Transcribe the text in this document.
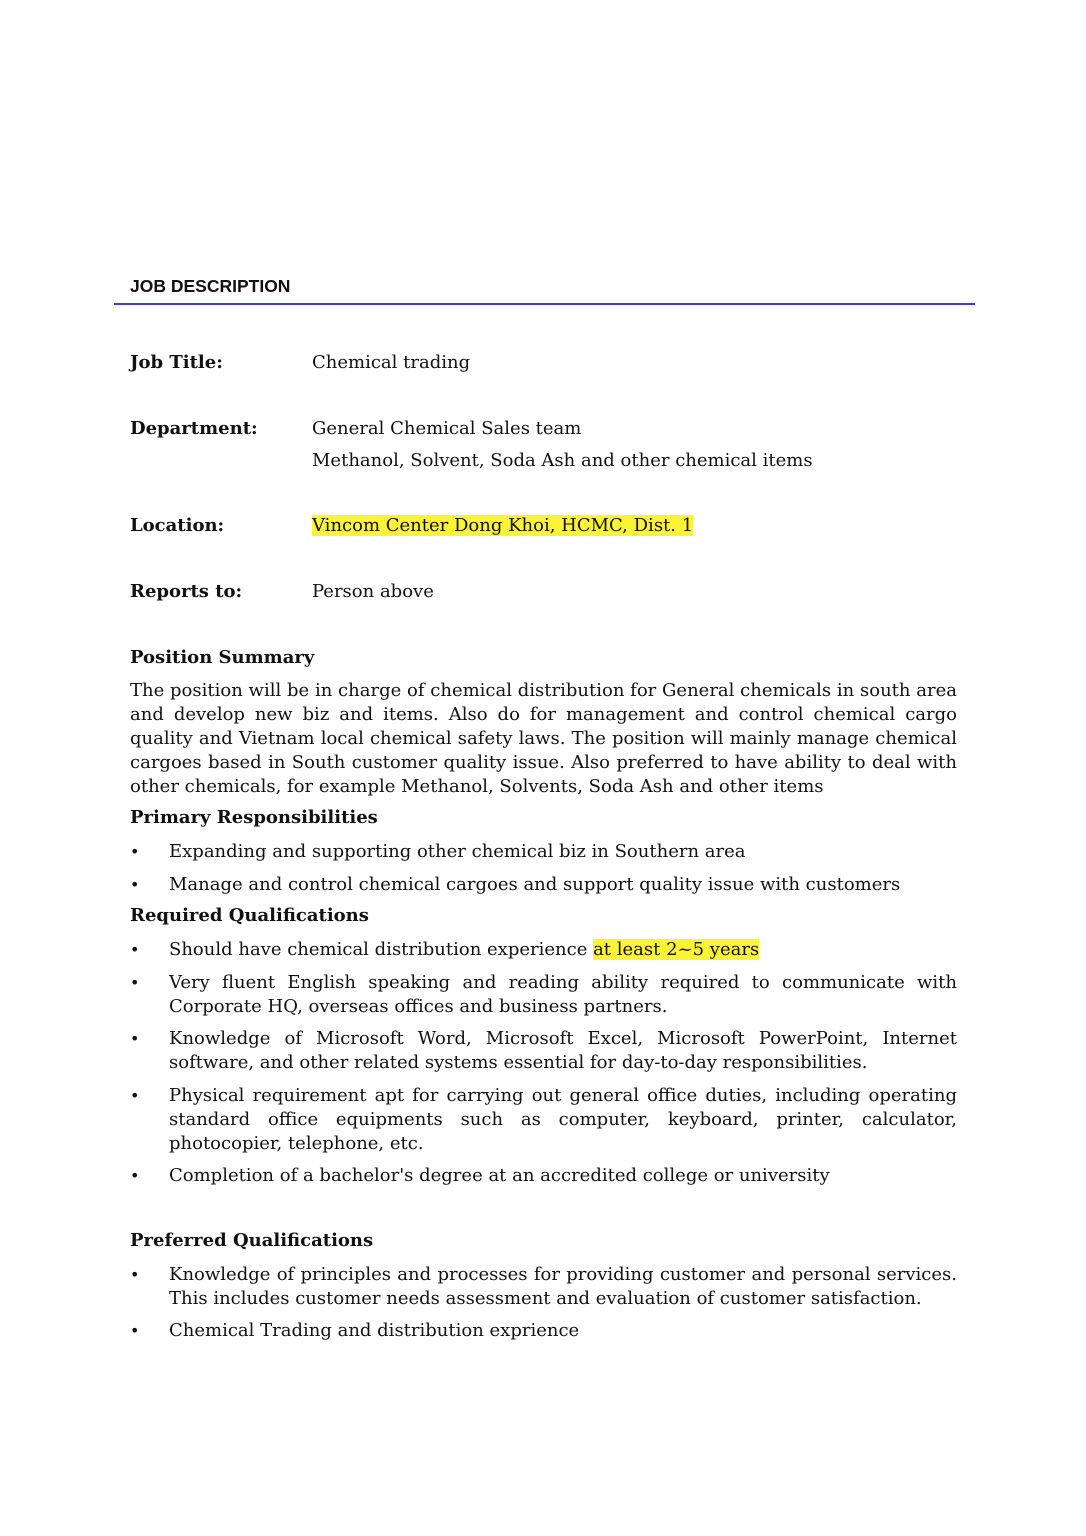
JOB DESCRIPTION
Job Title:	Chemical trading
Department:	General Chemical Sales team
Methanol, Solvent, Soda Ash and other chemical items
Location:	Vincom Center Dong Khoi, HCMC, Dist. 1
Reports to:	Person above
Position Summary
The position will be in charge of chemical distribution for General chemicals in south area and develop new biz and items. Also do for management and control chemical cargo quality and Vietnam local chemical safety laws. The position will mainly manage chemical cargoes based in South customer quality issue. Also preferred to have ability to deal with other chemicals, for example Methanol, Solvents, Soda Ash and other items
Primary Responsibilities
• Expanding and supporting other chemical biz in Southern area
• Manage and control chemical cargoes and support quality issue with customers
Required Qualifications
• Should have chemical distribution experience at least 2~5 years
• Very fluent English speaking and reading ability required to communicate with Corporate HQ, overseas offices and business partners.
• Knowledge of Microsoft Word, Microsoft Excel, Microsoft PowerPoint, Internet software, and other related systems essential for day-to-day responsibilities.
• Physical requirement apt for carrying out general office duties, including operating standard office equipments such as computer, keyboard, printer, calculator, photocopier, telephone, etc.
• Completion of a bachelor's degree at an accredited college or university
Preferred Qualifications
• Knowledge of principles and processes for providing customer and personal services. This includes customer needs assessment and evaluation of customer satisfaction.
• Chemical Trading and distribution exprience
